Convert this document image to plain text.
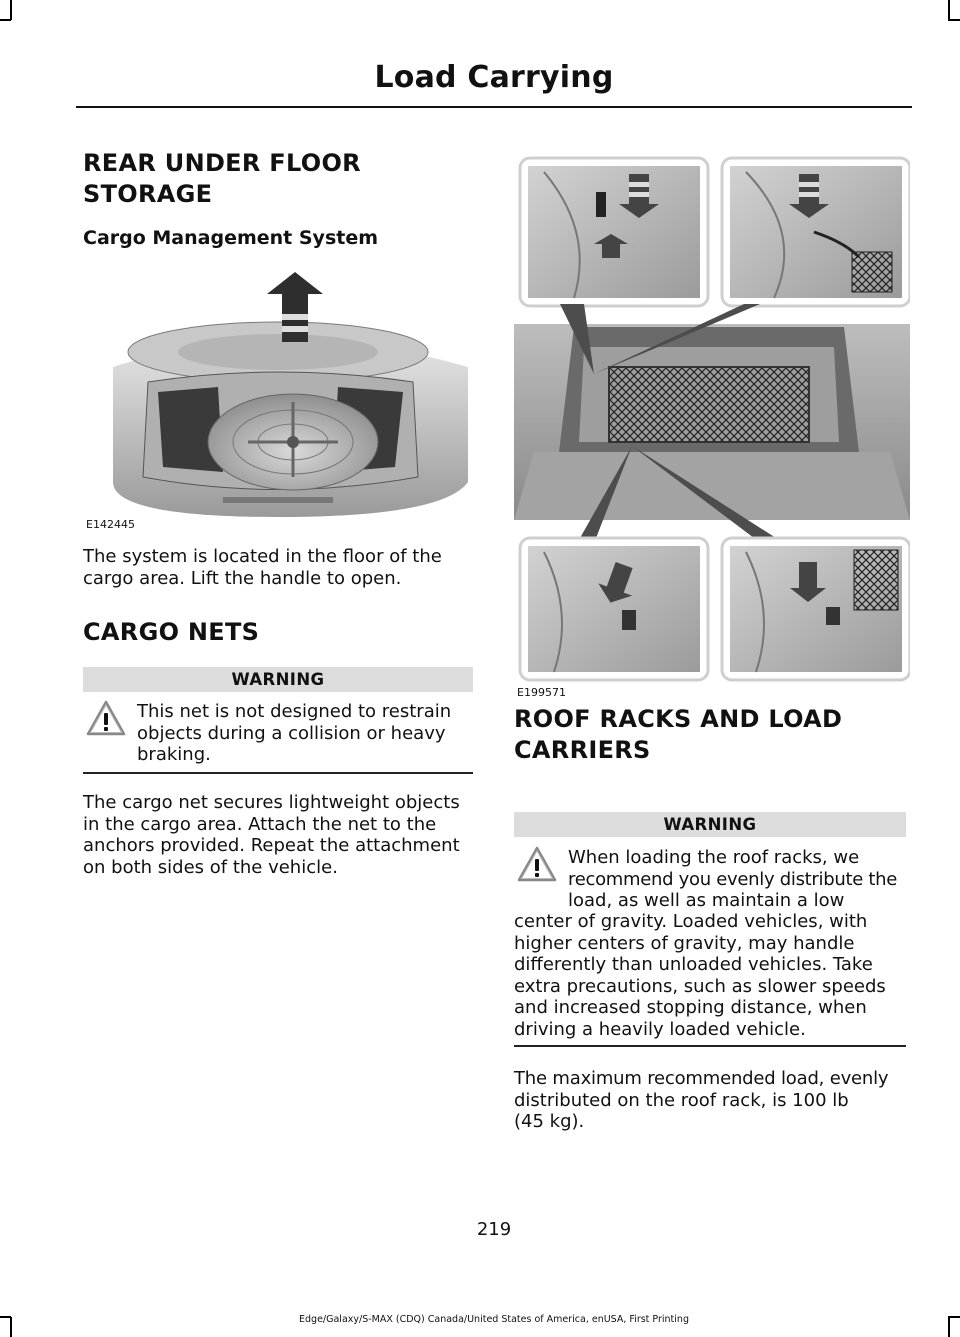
Load Carrying
REAR UNDER FLOOR
STORAGE
Cargo Management System
E142445

The system is located in the floor of the
cargo area. Lift the handle to open.

CARGO NETS
WARNING

This net is not designed to restrain
objects during a collision or heavy
braking.

The cargo net secures lightweight objects
in the cargo area. Attach the net to the
anchors provided. Repeat the attachment
on both sides of the vehicle.

E199571
ROOF RACKS AND LOAD
CARRIERS
WARNING

When loading the roof racks, we
recommend you evenly distribute the
load, as well as maintain a low

center of gravity. Loaded vehicles, with
higher centers of gravity, may handle
differently than unloaded vehicles. Take
extra precautions, such as slower speeds
and increased stopping distance, when
driving a heavily loaded vehicle.

The maximum recommended load, evenly
distributed on the roof rack, is 100 lb
(45 kg).

219
Edge/Galaxy/S-MAX (CDQ) Canada/United States of America, enUSA, First Printing
